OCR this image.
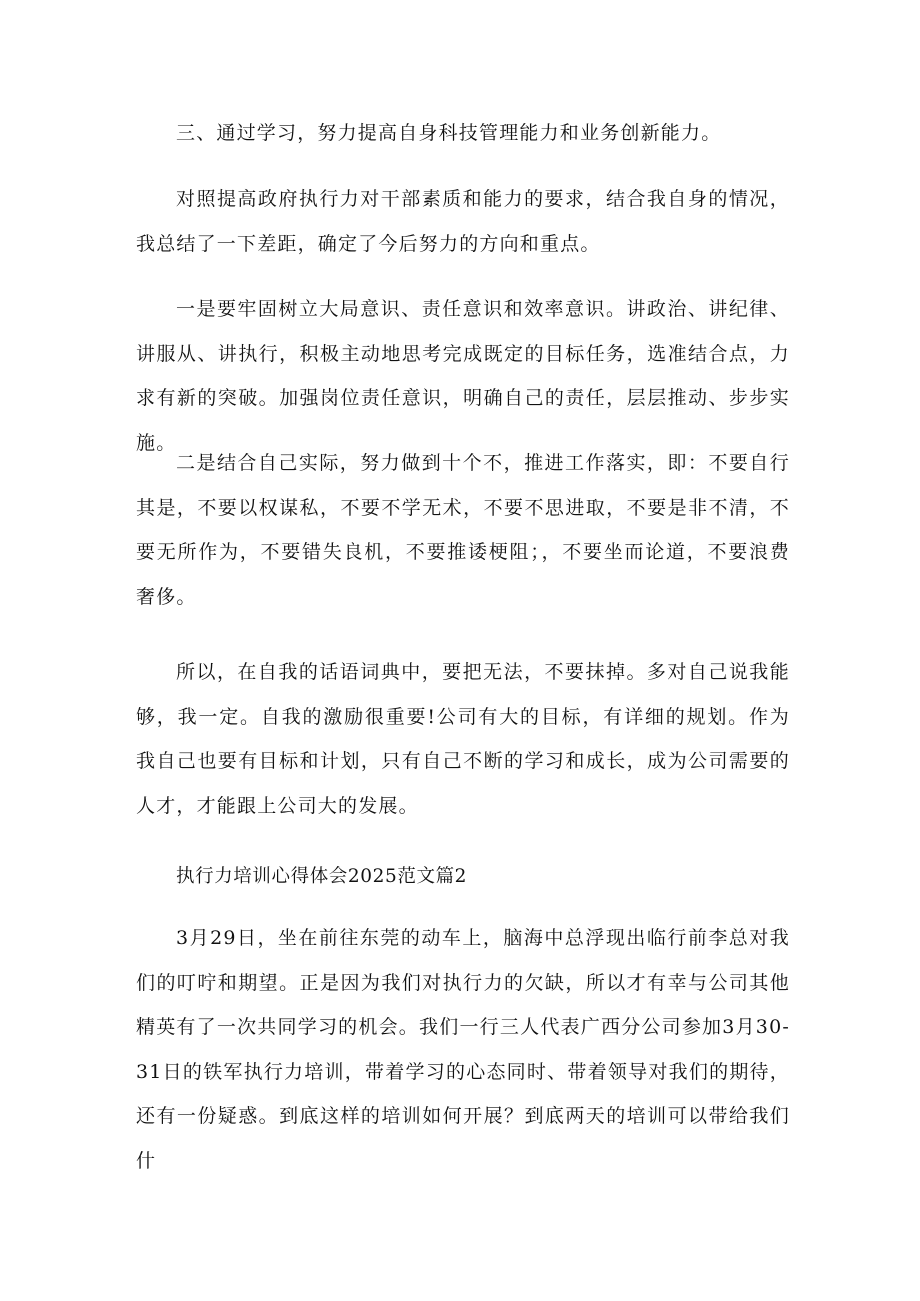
三、通过学习，努力提高自身科技管理能力和业务创新能力。

对照提高政府执行力对干部素质和能力的要求，结合我自身的情况，我总结了一下差距，确定了今后努力的方向和重点。

一是要牢固树立大局意识、责任意识和效率意识。讲政治、讲纪律、讲服从、讲执行，积极主动地思考完成既定的目标任务，选准结合点，力求有新的突破。加强岗位责任意识，明确自己的责任，层层推动、步步实施。

二是结合自己实际，努力做到十个不，推进工作落实，即：不要自行其是，不要以权谋私，不要不学无术，不要不思进取，不要是非不清，不要无所作为，不要错失良机，不要推诿梗阻；，不要坐而论道，不要浪费奢侈。

所以，在自我的话语词典中，要把无法，不要抹掉。多对自己说我能够，我一定。自我的激励很重要!公司有大的目标，有详细的规划。作为我自己也要有目标和计划，只有自己不断的学习和成长，成为公司需要的人才，才能跟上公司大的发展。

执行力培训心得体会2025范文篇2

3月29日，坐在前往东莞的动车上，脑海中总浮现出临行前李总对我们的叮咛和期望。正是因为我们对执行力的欠缺，所以才有幸与公司其他精英有了一次共同学习的机会。我们一行三人代表广西分公司参加3月30-31日的铁军执行力培训，带着学习的心态同时、带着领导对我们的期待，还有一份疑惑。到底这样的培训如何开展？到底两天的培训可以带给我们什
